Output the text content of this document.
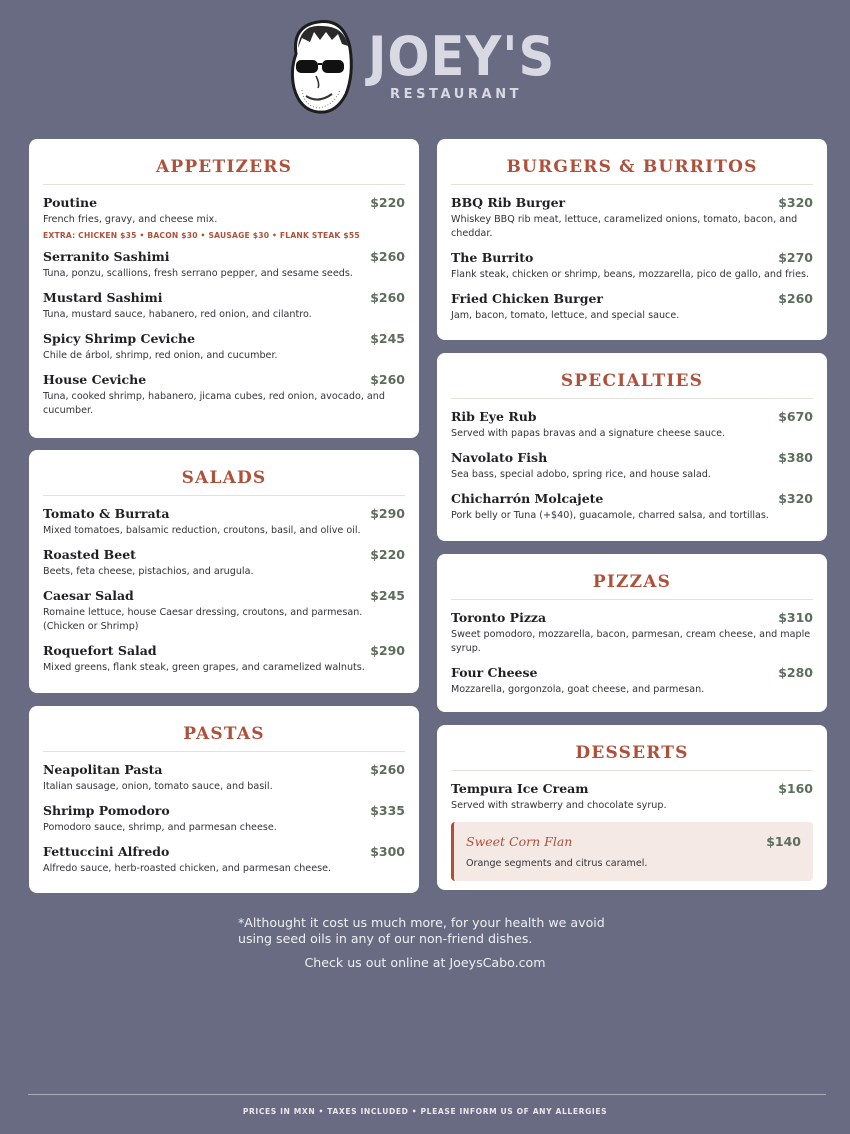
JOEY'S
RESTAURANT
APPETIZERS
Poutine	$220
French fries, gravy, and cheese mix.
EXTRA: CHICKEN $35 • BACON $30 • SAUSAGE $30 • FLANK STEAK $55
Serranito Sashimi	$260
Tuna, ponzu, scallions, fresh serrano pepper, and sesame seeds.
Mustard Sashimi	$260
Tuna, mustard sauce, habanero, red onion, and cilantro.
Spicy Shrimp Ceviche	$245
Chile de árbol, shrimp, red onion, and cucumber.
House Ceviche	$260
Tuna, cooked shrimp, habanero, jicama cubes, red onion, avocado, and cucumber.
SALADS
Tomato & Burrata	$290
Mixed tomatoes, balsamic reduction, croutons, basil, and olive oil.
Roasted Beet	$220
Beets, feta cheese, pistachios, and arugula.
Caesar Salad	$245
Romaine lettuce, house Caesar dressing, croutons, and parmesan. (Chicken or Shrimp)
Roquefort Salad	$290
Mixed greens, flank steak, green grapes, and caramelized walnuts.
PASTAS
Neapolitan Pasta	$260
Italian sausage, onion, tomato sauce, and basil.
Shrimp Pomodoro	$335
Pomodoro sauce, shrimp, and parmesan cheese.
Fettuccini Alfredo	$300
Alfredo sauce, herb-roasted chicken, and parmesan cheese.
BURGERS & BURRITOS
BBQ Rib Burger	$320
Whiskey BBQ rib meat, lettuce, caramelized onions, tomato, bacon, and cheddar.
The Burrito	$270
Flank steak, chicken or shrimp, beans, mozzarella, pico de gallo, and fries.
Fried Chicken Burger	$260
Jam, bacon, tomato, lettuce, and special sauce.
SPECIALTIES
Rib Eye Rub	$670
Served with papas bravas and a signature cheese sauce.
Navolato Fish	$380
Sea bass, special adobo, spring rice, and house salad.
Chicharrón Molcajete	$320
Pork belly or Tuna (+$40), guacamole, charred salsa, and tortillas.
PIZZAS
Toronto Pizza	$310
Sweet pomodoro, mozzarella, bacon, parmesan, cream cheese, and maple syrup.
Four Cheese	$280
Mozzarella, gorgonzola, goat cheese, and parmesan.
DESSERTS
Tempura Ice Cream	$160
Served with strawberry and chocolate syrup.
Sweet Corn Flan	$140
Orange segments and citrus caramel.
*Althought it cost us much more, for your health we avoid using seed oils in any of our non-friend dishes.
Check us out online at JoeysCabo.com
PRICES IN MXN • TAXES INCLUDED • PLEASE INFORM US OF ANY ALLERGIES
